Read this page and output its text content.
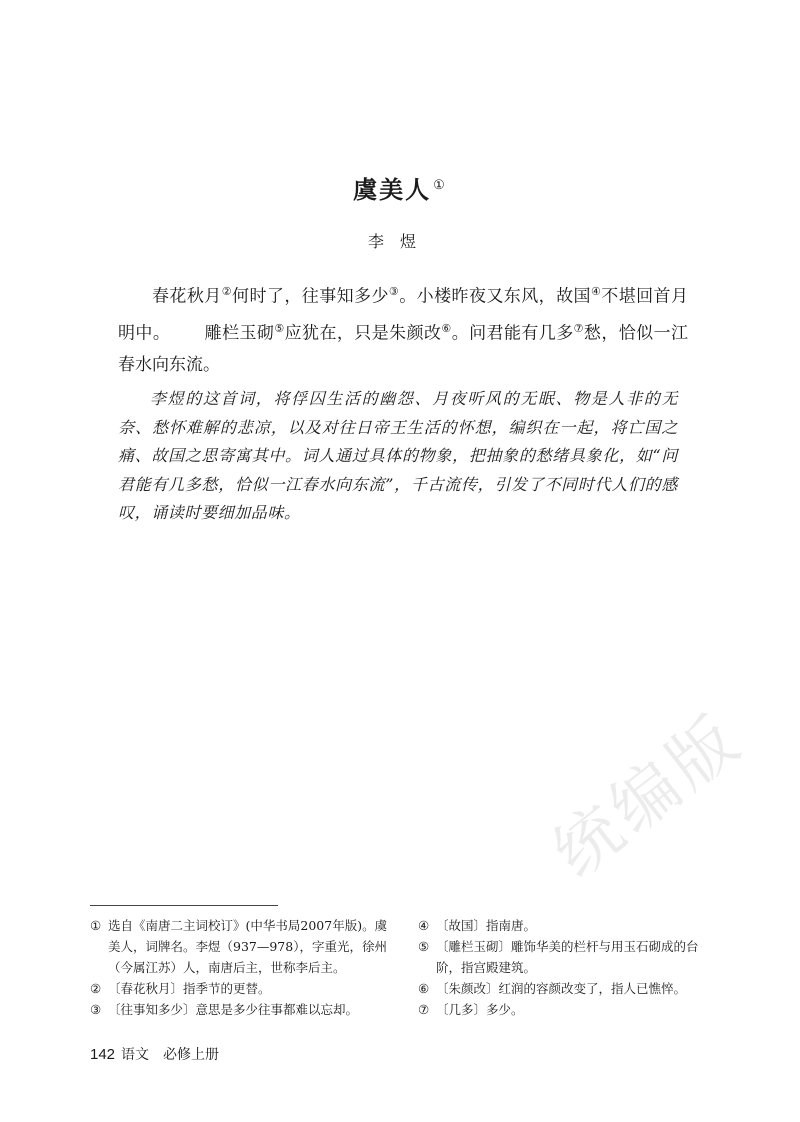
虞美人 ①
李煜
春花秋月②何时了，往事知多少③。小楼昨夜又东风，故国④不堪回首月明中。 雕栏玉砌⑤应犹在，只是朱颜改⑥。问君能有几多⑦愁，恰似一江春水向东流。
李煜的这首词，将俘囚生活的幽怨、月夜听风的无眠、物是人非的无奈、愁怀难解的悲凉，以及对往日帝王生活的怀想，编织在一起，将亡国之痛、故国之思寄寓其中。词人通过具体的物象，把抽象的愁绪具象化，如“问君能有几多愁，恰似一江春水向东流”，千古流传，引发了不同时代人们的感叹，诵读时要细加品味。
① 选自《南唐二主词校订》(中华书局2007年版)。虞美人，词牌名。李煜（937—978），字重光，徐州（今属江苏）人，南唐后主，世称李后主。
② 〔春花秋月〕指季节的更替。
③ 〔往事知多少〕意思是多少往事都难以忘却。
④ 〔故国〕指南唐。
⑤ 〔雕栏玉砌〕雕饰华美的栏杆与用玉石砌成的台阶，指宫殿建筑。
⑥ 〔朱颜改〕红润的容颜改变了，指人已憔悴。
⑦ 〔几多〕多少。
142 语文　必修上册
统编版
